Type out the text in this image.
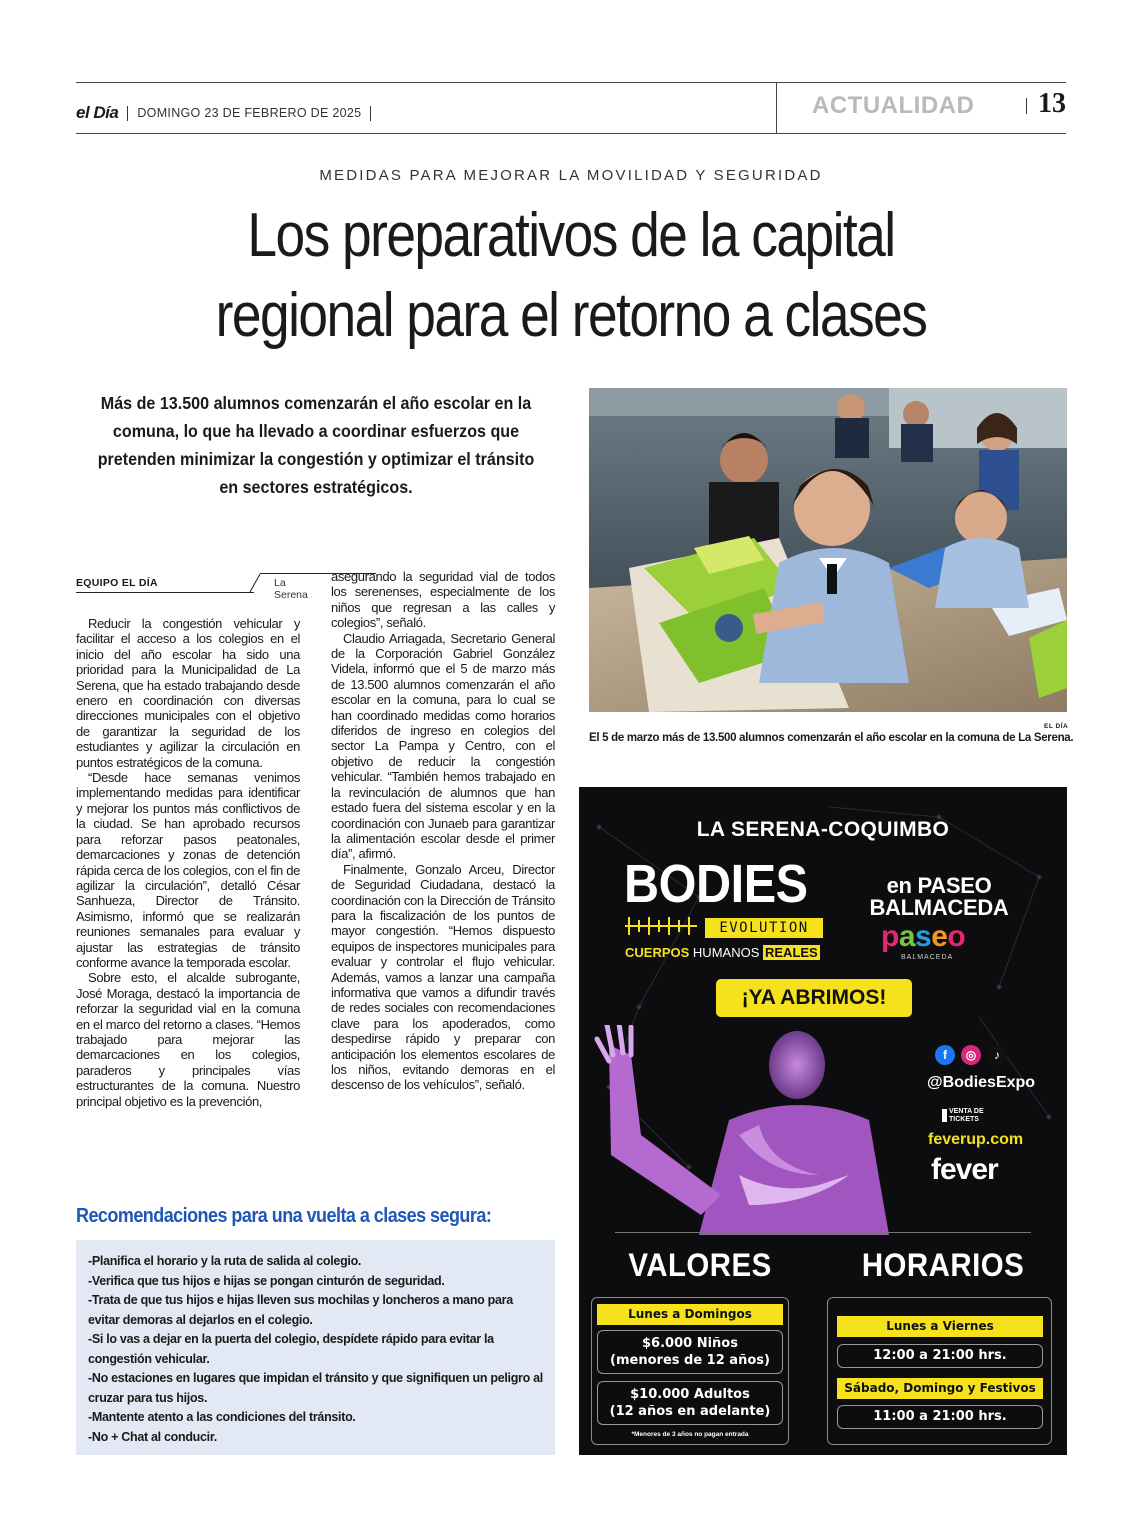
el Día DOMINGO 23 DE FEBRERO DE 2025	ACTUALIDAD 13
MEDIDAS PARA MEJORAR LA MOVILIDAD Y SEGURIDAD
Los preparativos de la capital
regional para el retorno a clases
Más de 13.500 alumnos comenzarán el año escolar en la comuna, lo que ha llevado a coordinar esfuerzos que pretenden minimizar la congestión y optimizar el tránsito en sectores estratégicos.
EL DÍA
El 5 de marzo más de 13.500 alumnos comenzarán el año escolar en la comuna de La Serena.
EQUIPO EL DÍA	La Serena

Reducir la congestión vehicular y facilitar el acceso a los colegios en el inicio del año escolar ha sido una prioridad para la Municipalidad de La Serena, que ha estado trabajando desde enero en coordinación con diversas direcciones municipales con el objetivo de garantizar la seguridad de los estudiantes y agilizar la circulación en puntos estratégicos de la comuna.

“Desde hace semanas venimos implementando medidas para identificar y mejorar los puntos más conflictivos de la ciudad. Se han aprobado recursos para reforzar pasos peatonales, demarcaciones y zonas de detención rápida cerca de los colegios, con el fin de agilizar la circulación”, detalló César Sanhueza, Director de Tránsito. Asimismo, informó que se realizarán reuniones semanales para evaluar y ajustar las estrategias de tránsito conforme avance la temporada escolar.

Sobre esto, el alcalde subrogante, José Moraga, destacó la importancia de reforzar la seguridad vial en la comuna en el marco del retorno a clases. “Hemos trabajado para mejorar las demarcaciones en los colegios, paraderos y principales vías estructurantes de la comuna. Nuestro principal objetivo es la prevención,

asegurando la seguridad vial de todos los serenenses, especialmente de los niños que regresan a las calles y colegios”, señaló.

Claudio Arriagada, Secretario General de la Corporación Gabriel González Videla, informó que el 5 de marzo más de 13.500 alumnos comenzarán el año escolar en la comuna, para lo cual se han coordinado medidas como horarios diferidos de ingreso en colegios del sector La Pampa y Centro, con el objetivo de reducir la congestión vehicular. “También hemos trabajado en la revinculación de alumnos que han estado fuera del sistema escolar y en la coordinación con Junaeb para garantizar la alimentación escolar desde el primer día”, afirmó.

Finalmente, Gonzalo Arceu, Director de Seguridad Ciudadana, destacó la coordinación con la Dirección de Tránsito para la fiscalización de los puntos de mayor congestión. “Hemos dispuesto equipos de inspectores municipales para evaluar y controlar el flujo vehicular. Además, vamos a lanzar una campaña informativa que vamos a difundir través de redes sociales con recomendaciones clave para los apoderados, como despedirse rápido y preparar con anticipación los elementos escolares de los niños, evitando demoras en el descenso de los vehículos”, señaló.

Recomendaciones para una vuelta a clases segura:
-Planifica el horario y la ruta de salida al colegio.
-Verifica que tus hijos e hijas se pongan cinturón de seguridad.
-Trata de que tus hijos e hijas lleven sus mochilas y loncheros a mano para evitar demoras al dejarlos en el colegio.
-Si lo vas a dejar en la puerta del colegio, despídete rápido para evitar la congestión vehicular.
-No estaciones en lugares que impidan el tránsito y que signifiquen un peligro al cruzar para tus hijos.
-Mantente atento a las condiciones del tránsito.
-No + Chat al conducir.
LA SERENA-COQUIMBO
BODIES
EVOLUTION
CUERPOS HUMANOS REALES
en PASEO
BALMACEDA
paseo
BALMACEDA
¡YA ABRIMOS!
f	◎	♪
@BodiesExpo
VENTA DE
TICKETS
feverup.com
fever
VALORES	HORARIOS
Lunes a Domingos
$6.000 Niños
(menores de 12 años)
$10.000 Adultos
(12 años en adelante)
*Menores de 3 años no pagan entrada
Lunes a Viernes
12:00 a 21:00 hrs.
Sábado, Domingo y Festivos
11:00 a 21:00 hrs.
